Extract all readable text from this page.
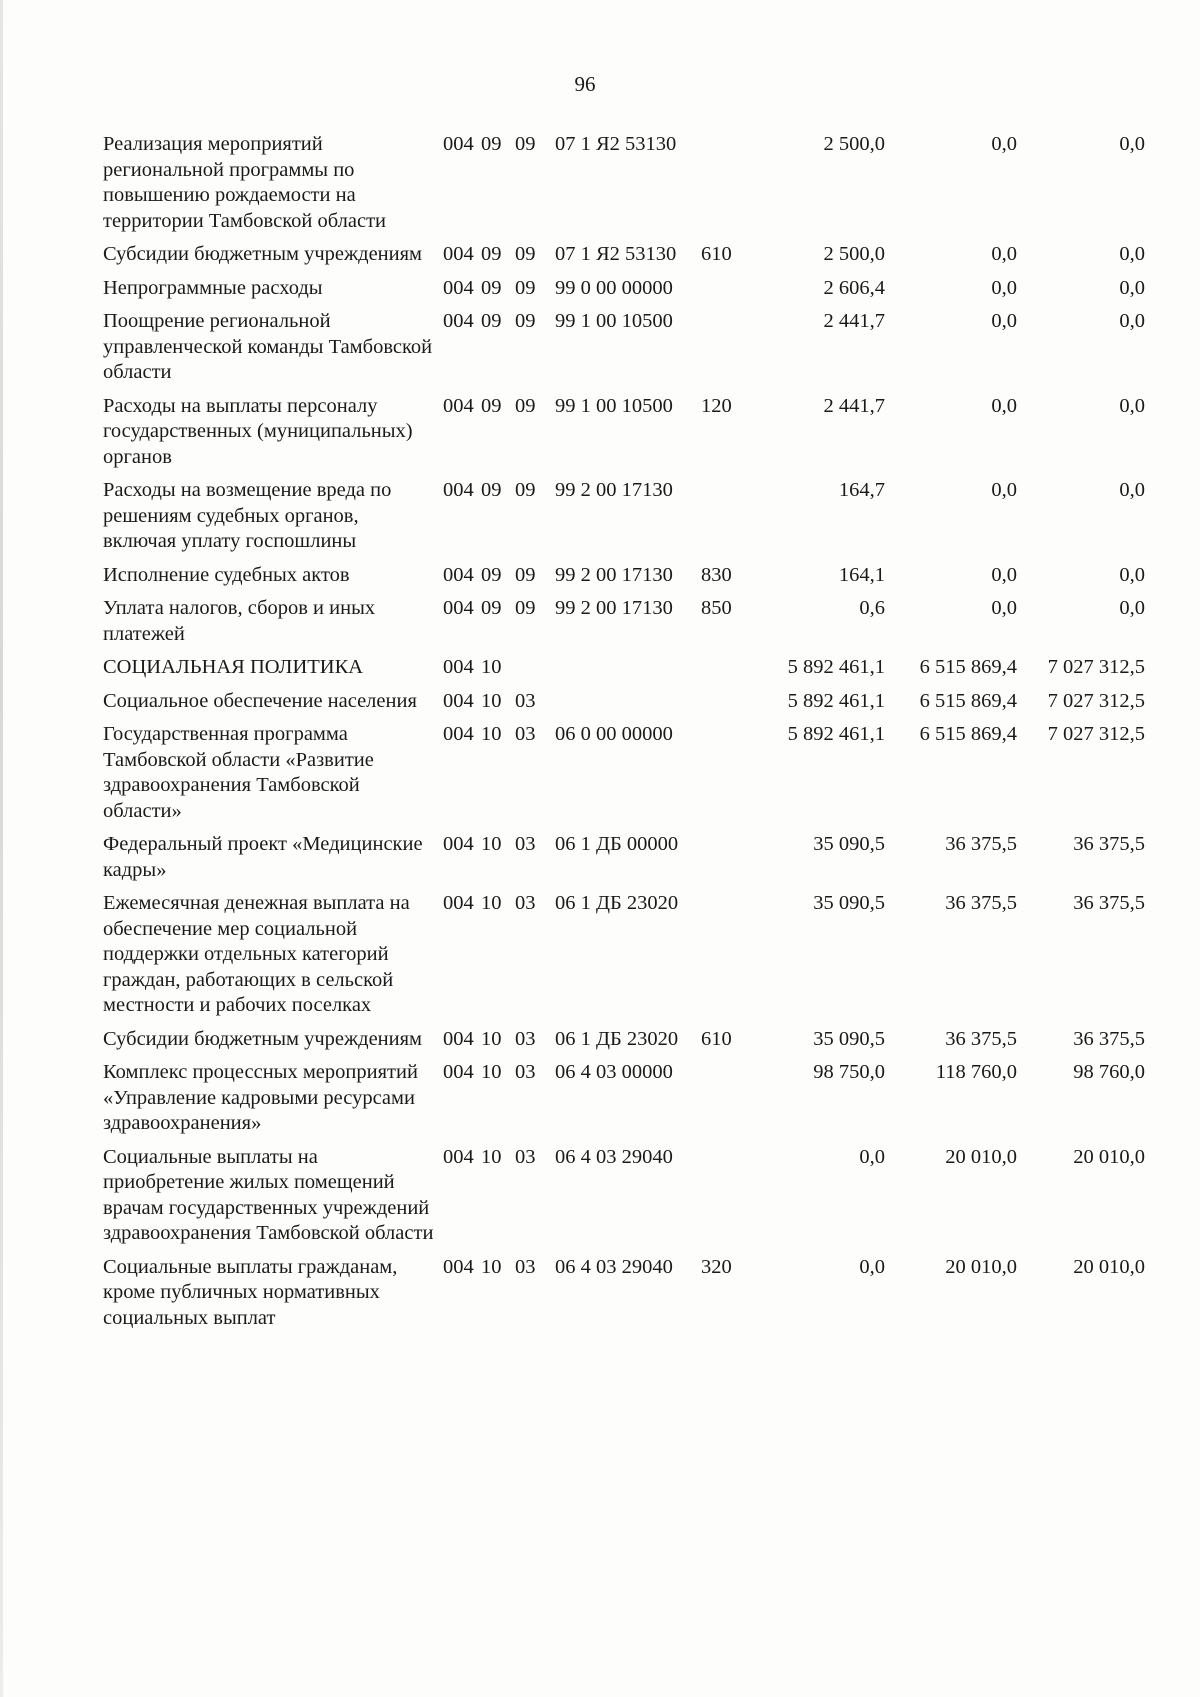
96
Реализация мероприятий региональной программы по повышению рождаемости на территории Тамбовской области
004 09 09 07 1 Я2 53130	2 500,0	0,0	0,0
Субсидии бюджетным учреждениям	004 09 09 07 1 Я2 53130	610	2 500,0	0,0	0,0
Непрограммные расходы	004 09 09 99 0 00 00000	2 606,4	0,0	0,0
Поощрение региональной управленческой команды Тамбовской области
004 09 09 99 1 00 10500	2 441,7	0,0	0,0
Расходы на выплаты персоналу государственных (муниципальных) органов
004 09 09 99 1 00 10500	120	2 441,7	0,0	0,0
Расходы на возмещение вреда по решениям судебных органов, включая уплату госпошлины
004 09 09 99 2 00 17130	164,7	0,0	0,0
Исполнение судебных актов	004 09 09 99 2 00 17130	830	164,1	0,0	0,0
Уплата налогов, сборов и иных платежей
004 09 09 99 2 00 17130	850	0,6	0,0	0,0
СОЦИАЛЬНАЯ ПОЛИТИКА	004 10	5 892 461,1	6 515 869,4	7 027 312,5
Социальное обеспечение населения	004 10 03	5 892 461,1	6 515 869,4	7 027 312,5
Государственная программа Тамбовской области «Развитие здравоохранения Тамбовской области»
004 10 03 06 0 00 00000	5 892 461,1	6 515 869,4	7 027 312,5
Федеральный проект «Медицинские кадры»
004 10 03 06 1 ДБ 00000	35 090,5	36 375,5	36 375,5
Ежемесячная денежная выплата на обеспечение мер социальной поддержки отдельных категорий граждан, работающих в сельской местности и рабочих поселках
004 10 03 06 1 ДБ 23020	35 090,5	36 375,5	36 375,5
Субсидии бюджетным учреждениям	004 10 03 06 1 ДБ 23020	610	35 090,5	36 375,5	36 375,5
Комплекс процессных мероприятий «Управление кадровыми ресурсами здравоохранения»
004 10 03 06 4 03 00000	98 750,0	118 760,0	98 760,0
Социальные выплаты на приобретение жилых помещений врачам государственных учреждений здравоохранения Тамбовской области
004 10 03 06 4 03 29040	0,0	20 010,0	20 010,0
Социальные выплаты гражданам, кроме публичных нормативных социальных выплат
004 10 03 06 4 03 29040	320	0,0	20 010,0	20 010,0
